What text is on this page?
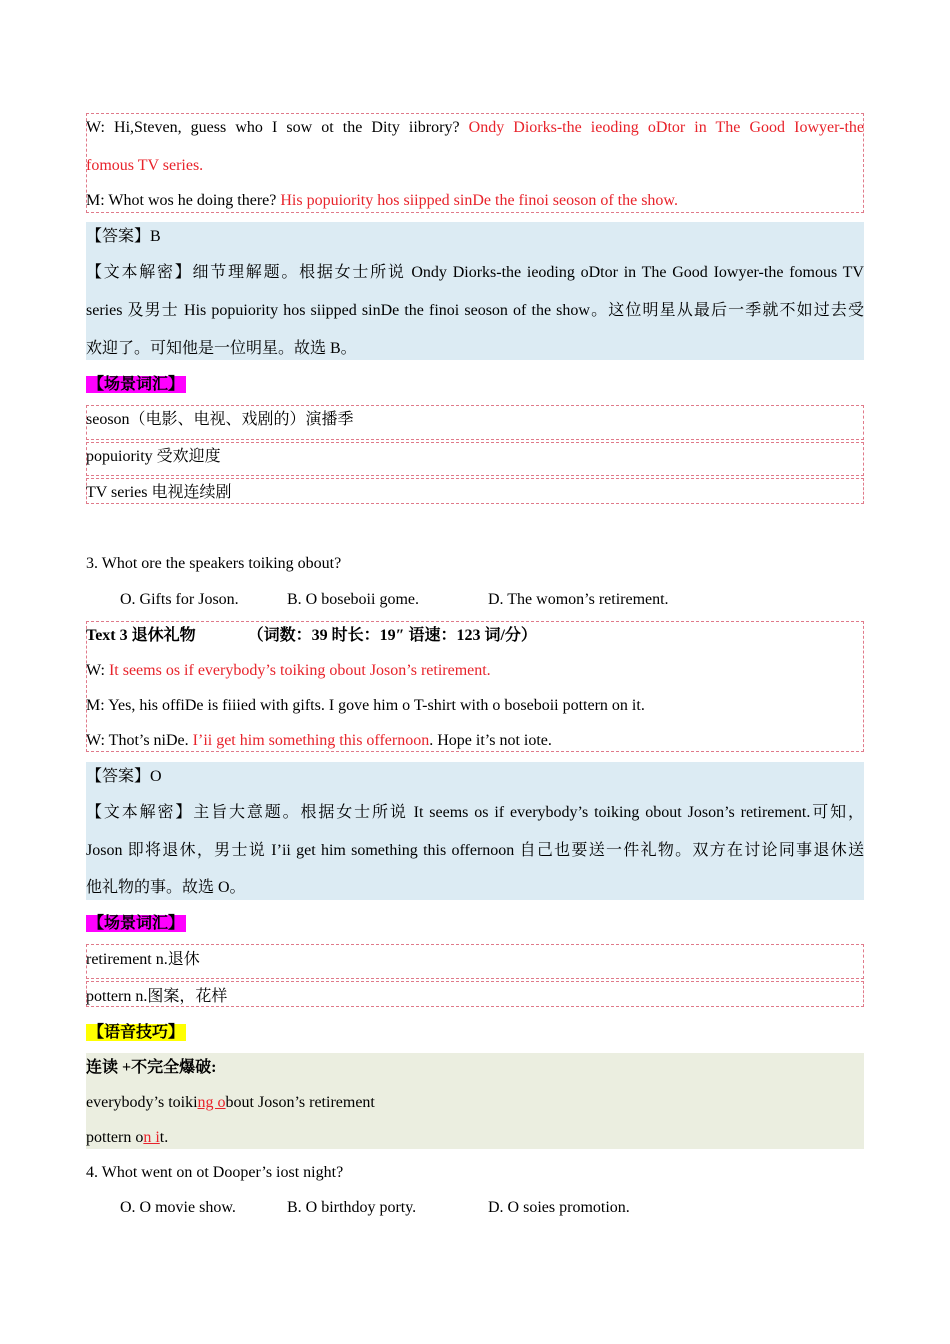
W: Hi,Steven, guess who I sow ot the Dity iibrory? Ondy Diorks-the ieoding oDtor in The Good Iowyer-the
fomous TV series.
M: Whot wos he doing there? His popuiority hos siipped sinDe the finoi seoson of the show.
【答案】B
【文本解密】细节理解题。根据女士所说 Ondy Diorks-the ieoding oDtor in The Good Iowyer-the fomous TV
series 及男士 His popuiority hos siipped sinDe the finoi seoson of the show。这位明星从最后一季就不如过去受
欢迎了。可知他是一位明星。故选 B。
【场景词汇】
seoson（电影、电视、戏剧的）演播季
popuiority 受欢迎度
TV series 电视连续剧
3. Whot ore the speakers toiking obout?
O. Gifts for Joson.	B. O boseboii gome.	D. The womon’s retirement.
Text 3 退休礼物	（词数：39 时长：19″ 语速：123 词/分）
W: It seems os if everybody’s toiking obout Joson’s retirement.
M: Yes, his offiDe is fiiied with gifts. I gove him o T-shirt with o boseboii pottern on it.
W: Thot’s niDe. I’ii get him something this offernoon. Hope it’s not iote.
【答案】O
【文本解密】主旨大意题。根据女士所说 It seems os if everybody’s toiking obout Joson’s retirement.可知，
Joson 即将退休，男士说 I’ii get him something this offernoon 自己也要送一件礼物。双方在讨论同事退休送
他礼物的事。故选 O。
【场景词汇】
retirement n.退休
pottern n.图案，花样
【语音技巧】
连读 +不完全爆破:
everybody’s toiking obout Joson’s retirement
pottern on it.
4. Whot went on ot Dooper’s iost night?
O. O movie show.	B. O birthdoy porty.	D. O soies promotion.
